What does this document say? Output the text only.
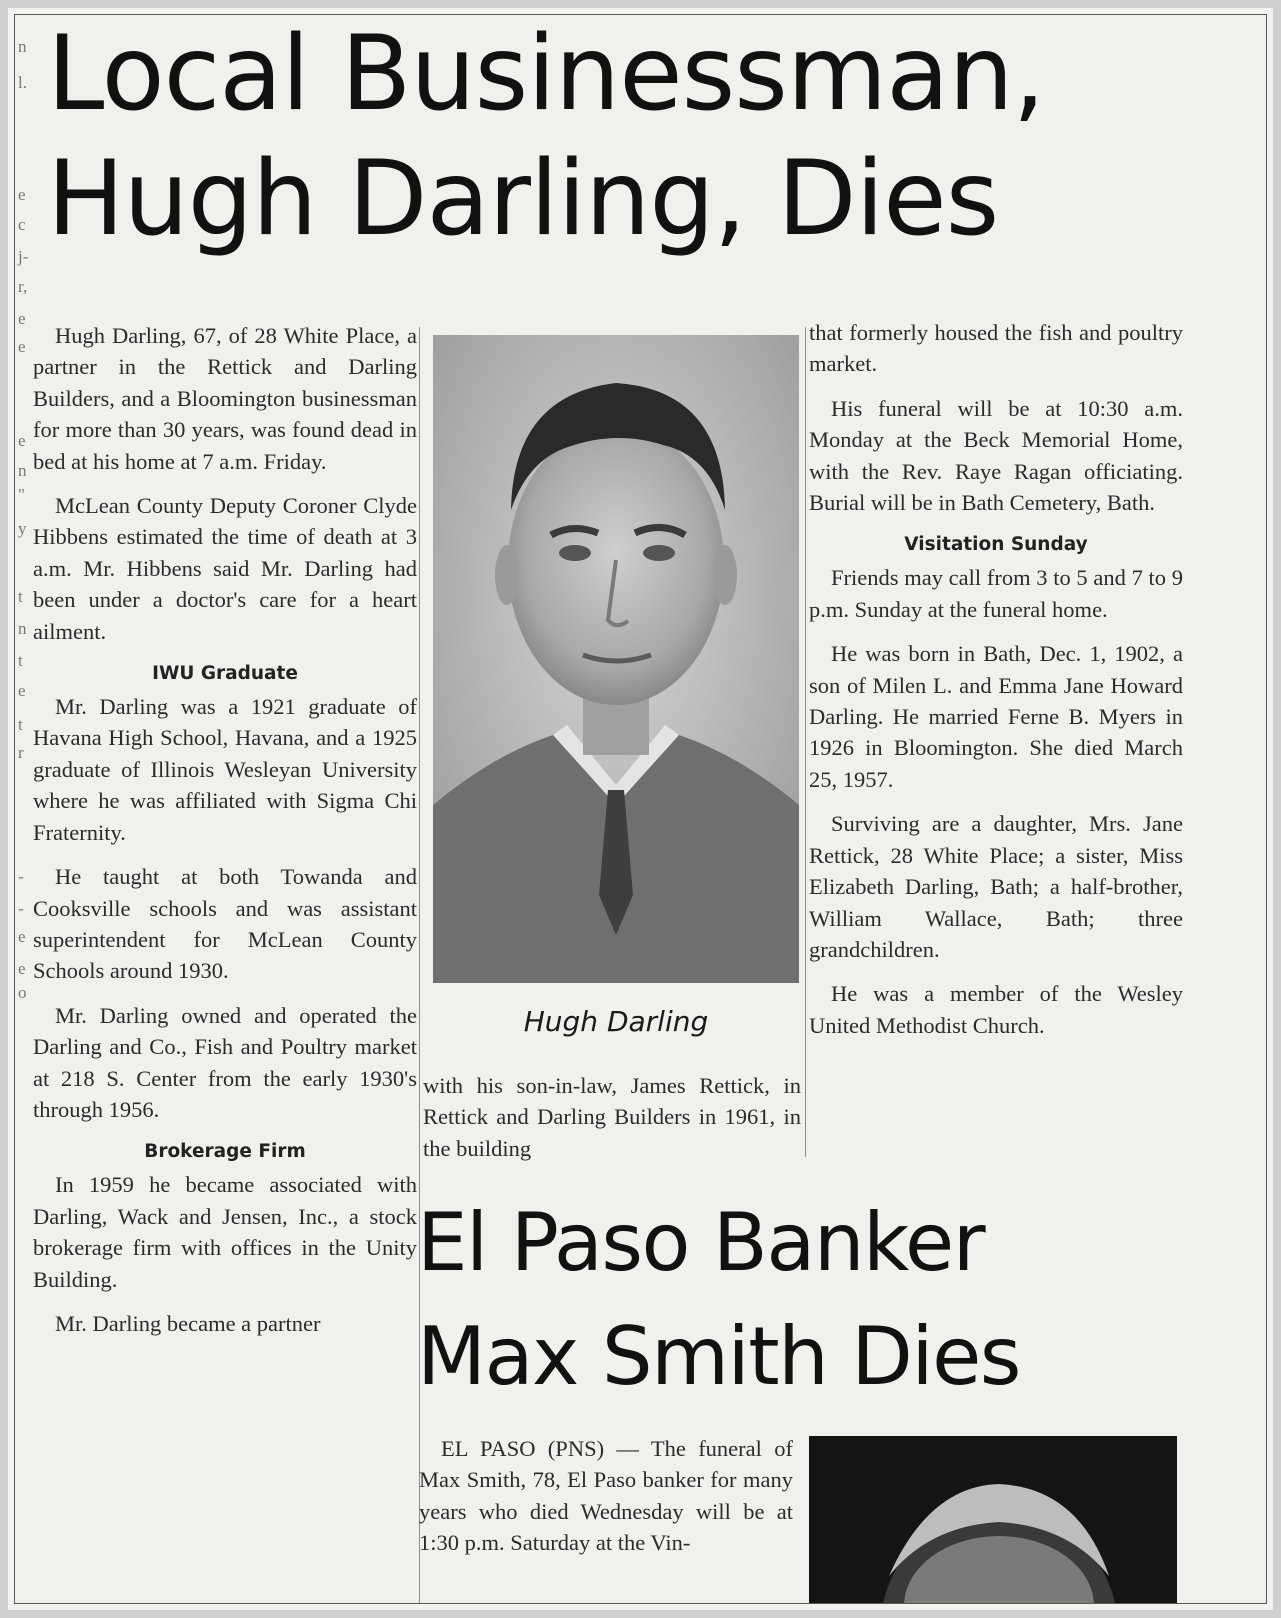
n
l.
e
c
j-
r,
e
e
e
n
"
y
t
n
t
e
t
r
-
-
e
e
o
Local Businessman,
Hugh Darling, Dies

Hugh Darling, 67, of 28 White Place, a partner in the Rettick and Darling Builders, and a Bloomington businessman for more than 30 years, was found dead in bed at his home at 7 a.m. Friday.

McLean County Deputy Coroner Clyde Hibbens estimated the time of death at 3 a.m. Mr. Hibbens said Mr. Darling had been under a doctor's care for a heart ailment.

IWU Graduate

Mr. Darling was a 1921 graduate of Havana High School, Havana, and a 1925 graduate of Illinois Wesleyan University where he was affiliated with Sigma Chi Fraternity.

He taught at both Towanda and Cooksville schools and was assistant superintendent for McLean County Schools around 1930.

Mr. Darling owned and operated the Darling and Co., Fish and Poultry market at 218 S. Center from the early 1930's through 1956.

Brokerage Firm

In 1959 he became associated with Darling, Wack and Jensen, Inc., a stock brokerage firm with offices in the Unity Building.

Mr. Darling became a partner

Hugh Darling

with his son-in-law, James Rettick, in Rettick and Darling Builders in 1961, in the building

that formerly housed the fish and poultry market.

His funeral will be at 10:30 a.m. Monday at the Beck Memorial Home, with the Rev. Raye Ragan officiating. Burial will be in Bath Cemetery, Bath.

Visitation Sunday

Friends may call from 3 to 5 and 7 to 9 p.m. Sunday at the funeral home.

He was born in Bath, Dec. 1, 1902, a son of Milen L. and Emma Jane Howard Darling. He married Ferne B. Myers in 1926 in Bloomington. She died March 25, 1957.

Surviving are a daughter, Mrs. Jane Rettick, 28 White Place; a sister, Miss Elizabeth Darling, Bath; a half-brother, William Wallace, Bath; three grandchildren.

He was a member of the Wesley United Methodist Church.

El Paso Banker
Max Smith Dies

EL PASO (PNS) — The funeral of Max Smith, 78, El Paso banker for many years who died Wednesday will be at 1:30 p.m. Saturday at the Vin-
